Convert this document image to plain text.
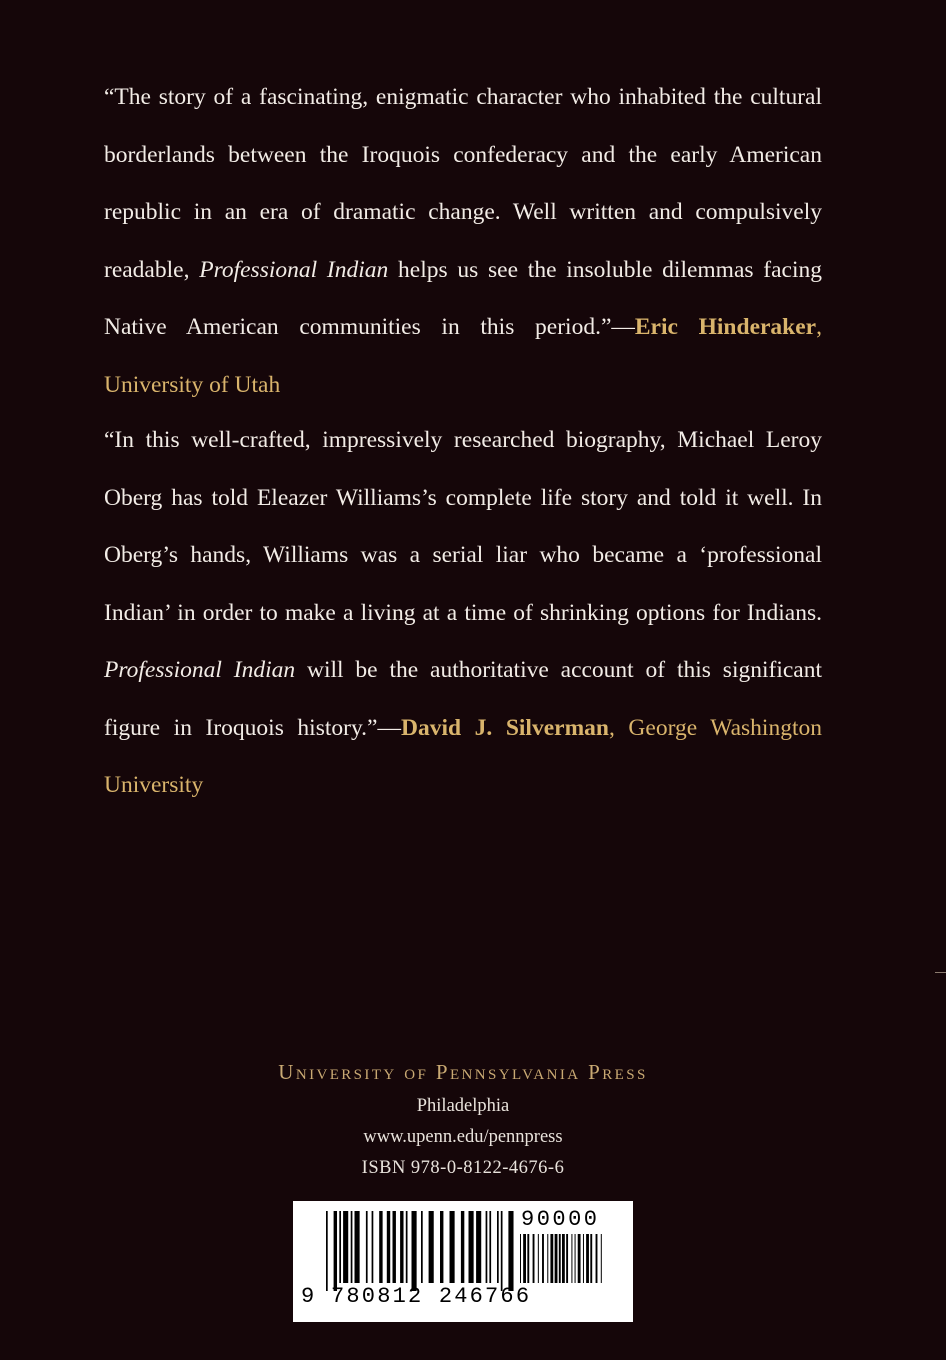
“The story of a fascinating, enigmatic character who inhabited the cultural borderlands between the Iroquois confederacy and the early American republic in an era of dramatic change. Well written and compulsively readable, Professional Indian helps us see the insoluble dilemmas facing Native American communities in this period.”—Eric Hinderaker, University of Utah

“In this well-crafted, impressively researched biography, Michael Leroy Oberg has told Eleazer Williams’s complete life story and told it well. In Oberg’s hands, Williams was a serial liar who became a ‘professional Indian’ in order to make a living at a time of shrinking options for Indians. Professional Indian will be the authoritative account of this significant figure in Iroquois history.”—David J. Silverman, George Washington University

University of Pennsylvania Press

Philadelphia

www.upenn.edu/pennpress

ISBN 978-0-8122-4676-6

9 780812 246766

90000
